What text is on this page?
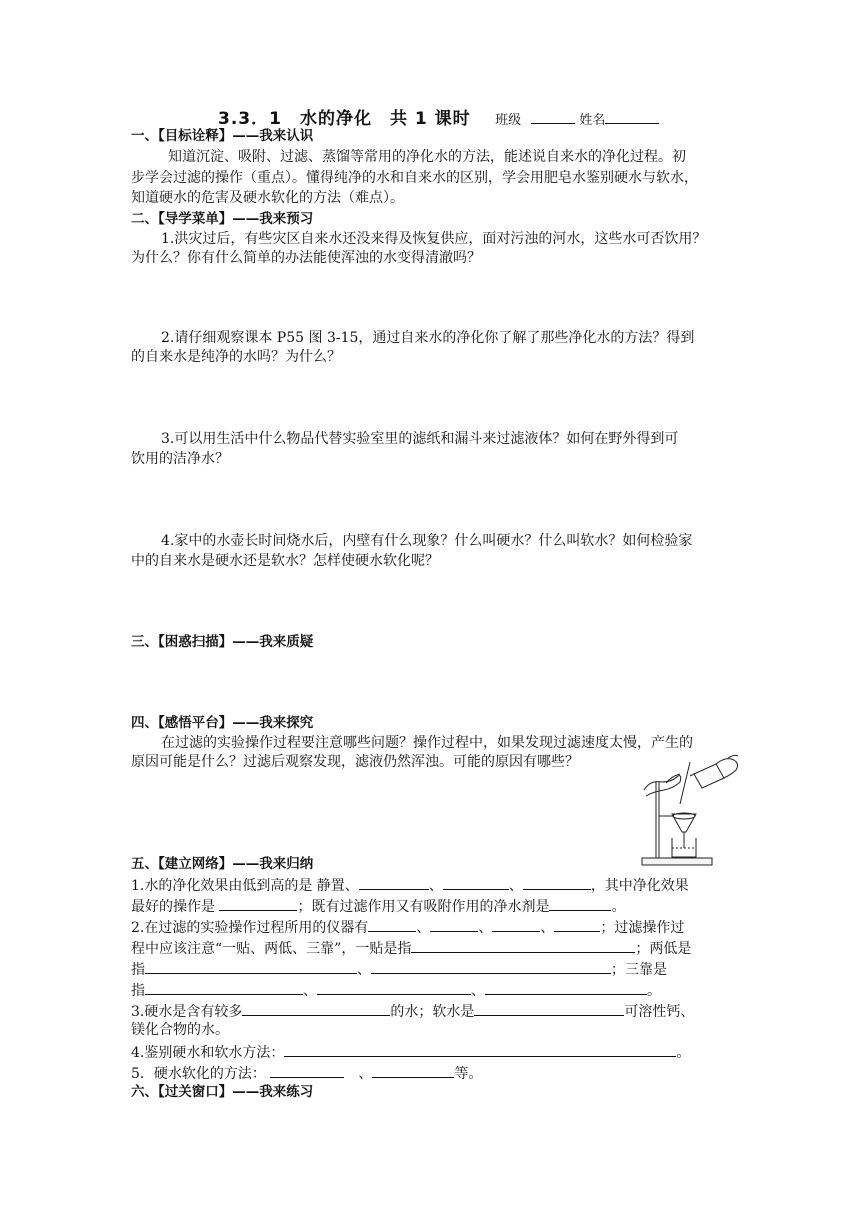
3.3．1　水的净化　共 1 课时 班级	姓名
一、【目标诠释】——我来认识
知道沉淀、吸附、过滤、蒸馏等常用的净化水的方法，能述说自来水的净化过程。初
步学会过滤的操作（重点）。懂得纯净的水和自来水的区别，学会用肥皂水鉴别硬水与软水，
知道硬水的危害及硬水软化的方法（难点）。
二、【导学菜单】——我来预习
1.洪灾过后，有些灾区自来水还没来得及恢复供应，面对污浊的河水，这些水可否饮用？
为什么？你有什么简单的办法能使浑浊的水变得清澈吗？
2.请仔细观察课本 P55 图 3-15，通过自来水的净化你了解了那些净化水的方法？得到
的自来水是纯净的水吗？为什么？
3.可以用生活中什么物品代替实验室里的滤纸和漏斗来过滤液体？如何在野外得到可
饮用的洁净水？
4.家中的水壶长时间烧水后，内壁有什么现象？什么叫硬水？什么叫软水？如何检验家
中的自来水是硬水还是软水？怎样使硬水软化呢？
三、【困惑扫描】——我来质疑
四、【感悟平台】——我来探究
在过滤的实验操作过程要注意哪些问题？操作过程中，如果发现过滤速度太慢，产生的
原因可能是什么？过滤后观察发现，滤液仍然浑浊。可能的原因有哪些？
五、【建立网络】——我来归纳
1.水的净化效果由低到高的是 静置、	、	、	，其中净化效果
最好的操作是	；既有过滤作用又有吸附作用的净水剂是	。
2.在过滤的实验操作过程所用的仪器有	、	、	、	；过滤操作过
程中应该注意“一贴、两低、三靠”，一贴是指	；两低是
指	、	；三靠是
指	、	、	。
3.硬水是含有较多	的水；软水是	可溶性钙、
镁化合物的水。
4.鉴别硬水和软水方法：	。
5．硬水软化的方法：	　、	等。
六、【过关窗口】——我来练习
